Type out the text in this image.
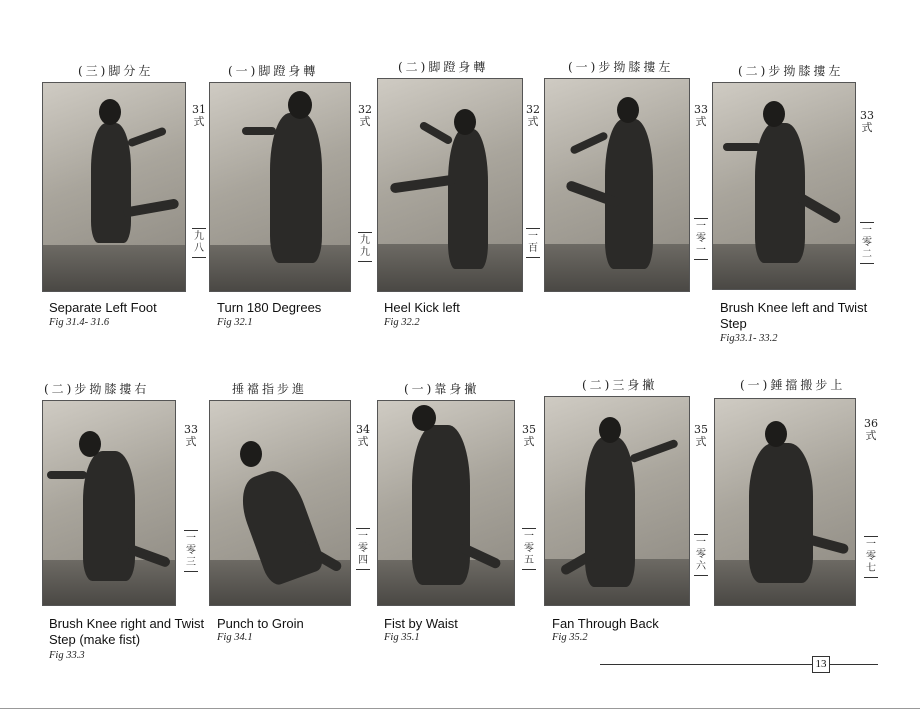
(三)脚分左
31
式
九
八
Separate Left Foot
Fig 31.4- 31.6
(一)脚蹬身轉
32
式
九
九
Turn 180 Degrees
Fig 32.1
(二)脚蹬身轉
32
式
一
百
Heel Kick left
Fig 32.2
(一)步拗膝摟左
33
式
一
零
一
(二)步拗膝摟左
33
式
一
零
二
Brush Knee left and Twist Step
Fig33.1- 33.2
(二)步拗膝摟右
33
式
一
零
三
Brush Knee right and Twist Step (make fist)
Fig 33.3
捶襠指步進
34
式
一
零
四
Punch to Groin
Fig 34.1
(一)靠身撇
35
式
一
零
五
Fist by Waist
Fig 35.1
(二)三身撇
35
式
一
零
六
Fan Through Back
Fig 35.2
(一)錘擋搬步上
36
式
一
零
七
13
